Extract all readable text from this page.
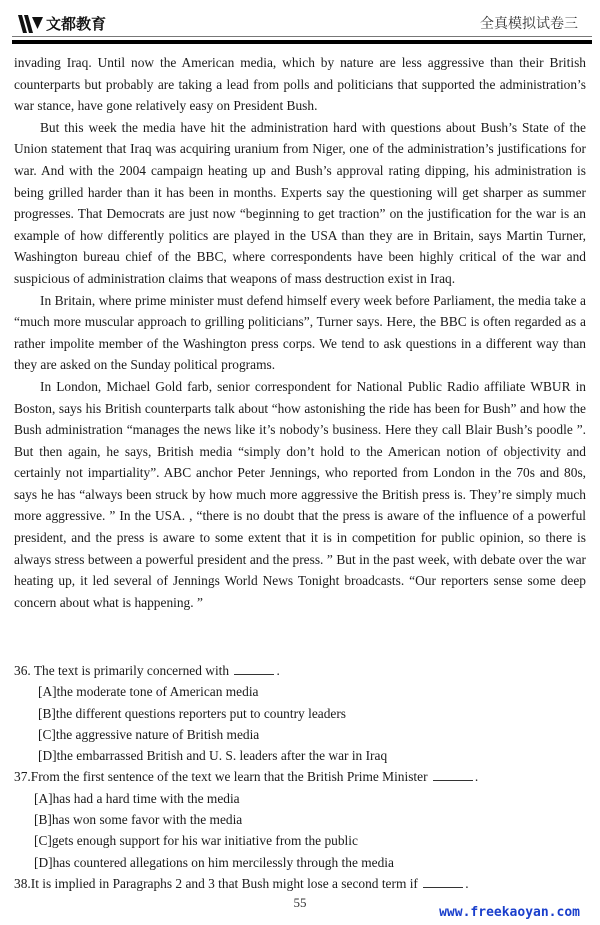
文都教育	全真模拟试卷三

invading Iraq. Until now the American media, which by nature are less aggressive than their British counterparts but probably are taking a lead from polls and politicians that supported the administration’s war stance, have gone relatively easy on President Bush.

But this week the media have hit the administration hard with questions about Bush’s State of the Union statement that Iraq was acquiring uranium from Niger, one of the administration’s justifications for war. And with the 2004 campaign heating up and Bush’s approval rating dipping, his administration is being grilled harder than it has been in months. Experts say the questioning will get sharper as summer progresses. That Democrats are just now “beginning to get traction” on the justification for the war is an example of how differently politics are played in the USA than they are in Britain, says Martin Turner, Washington bureau chief of the BBC, where correspondents have been highly critical of the war and suspicious of administration claims that weapons of mass destruction exist in Iraq.

In Britain, where prime minister must defend himself every week before Parliament, the media take a “much more muscular approach to grilling politicians”, Turner says. Here, the BBC is often regarded as a rather impolite member of the Washington press corps. We tend to ask questions in a different way than they are asked on the Sunday political programs.

In London, Michael Gold farb, senior correspondent for National Public Radio affiliate WBUR in Boston, says his British counterparts talk about “how astonishing the ride has been for Bush” and how the Bush administration “manages the news like it’s nobody’s business. Here they call Blair Bush’s poodle ”. But then again, he says, British media “simply don’t hold to the American notion of objectivity and certainly not impartiality”. ABC anchor Peter Jennings, who reported from London in the 70s and 80s, says he has “always been struck by how much more aggressive the British press is. They’re simply much more aggressive. ” In the USA. , “there is no doubt that the press is aware of the influence of a powerful president, and the press is aware to some extent that it is in competition for public opinion, so there is always stress between a powerful president and the press. ” But in the past week, with debate over the war heating up, it led several of Jennings World News Tonight broadcasts. “Our reporters sense some deep concern about what is happening. ”

36. The text is primarily concerned with	.
[A]the moderate tone of American media
[B]the different questions reporters put to country leaders
[C]the aggressive nature of British media
[D]the embarrassed British and U. S. leaders after the war in Iraq
37.From the first sentence of the text we learn that the British Prime Minister	.
[A]has had a hard time with the media
[B]has won some favor with the media
[C]gets enough support for his war initiative from the public
[D]has countered allegations on him mercilessly through the media
38.It is implied in Paragraphs 2 and 3 that Bush might lose a second term if	.
55
www.freekaoyan.com
